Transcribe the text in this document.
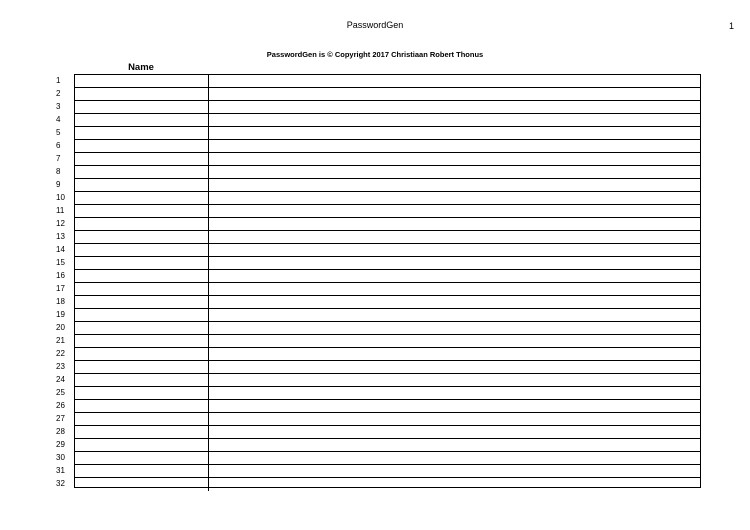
PasswordGen	1
PasswordGen is © Copyright 2017 Christiaan Robert Thonus
Name
1
2
3
4
5
6
7
8
9
10
11
12
13
14
15
16
17
18
19
20
21
22
23
24
25
26
27
28
29
30
31
32
